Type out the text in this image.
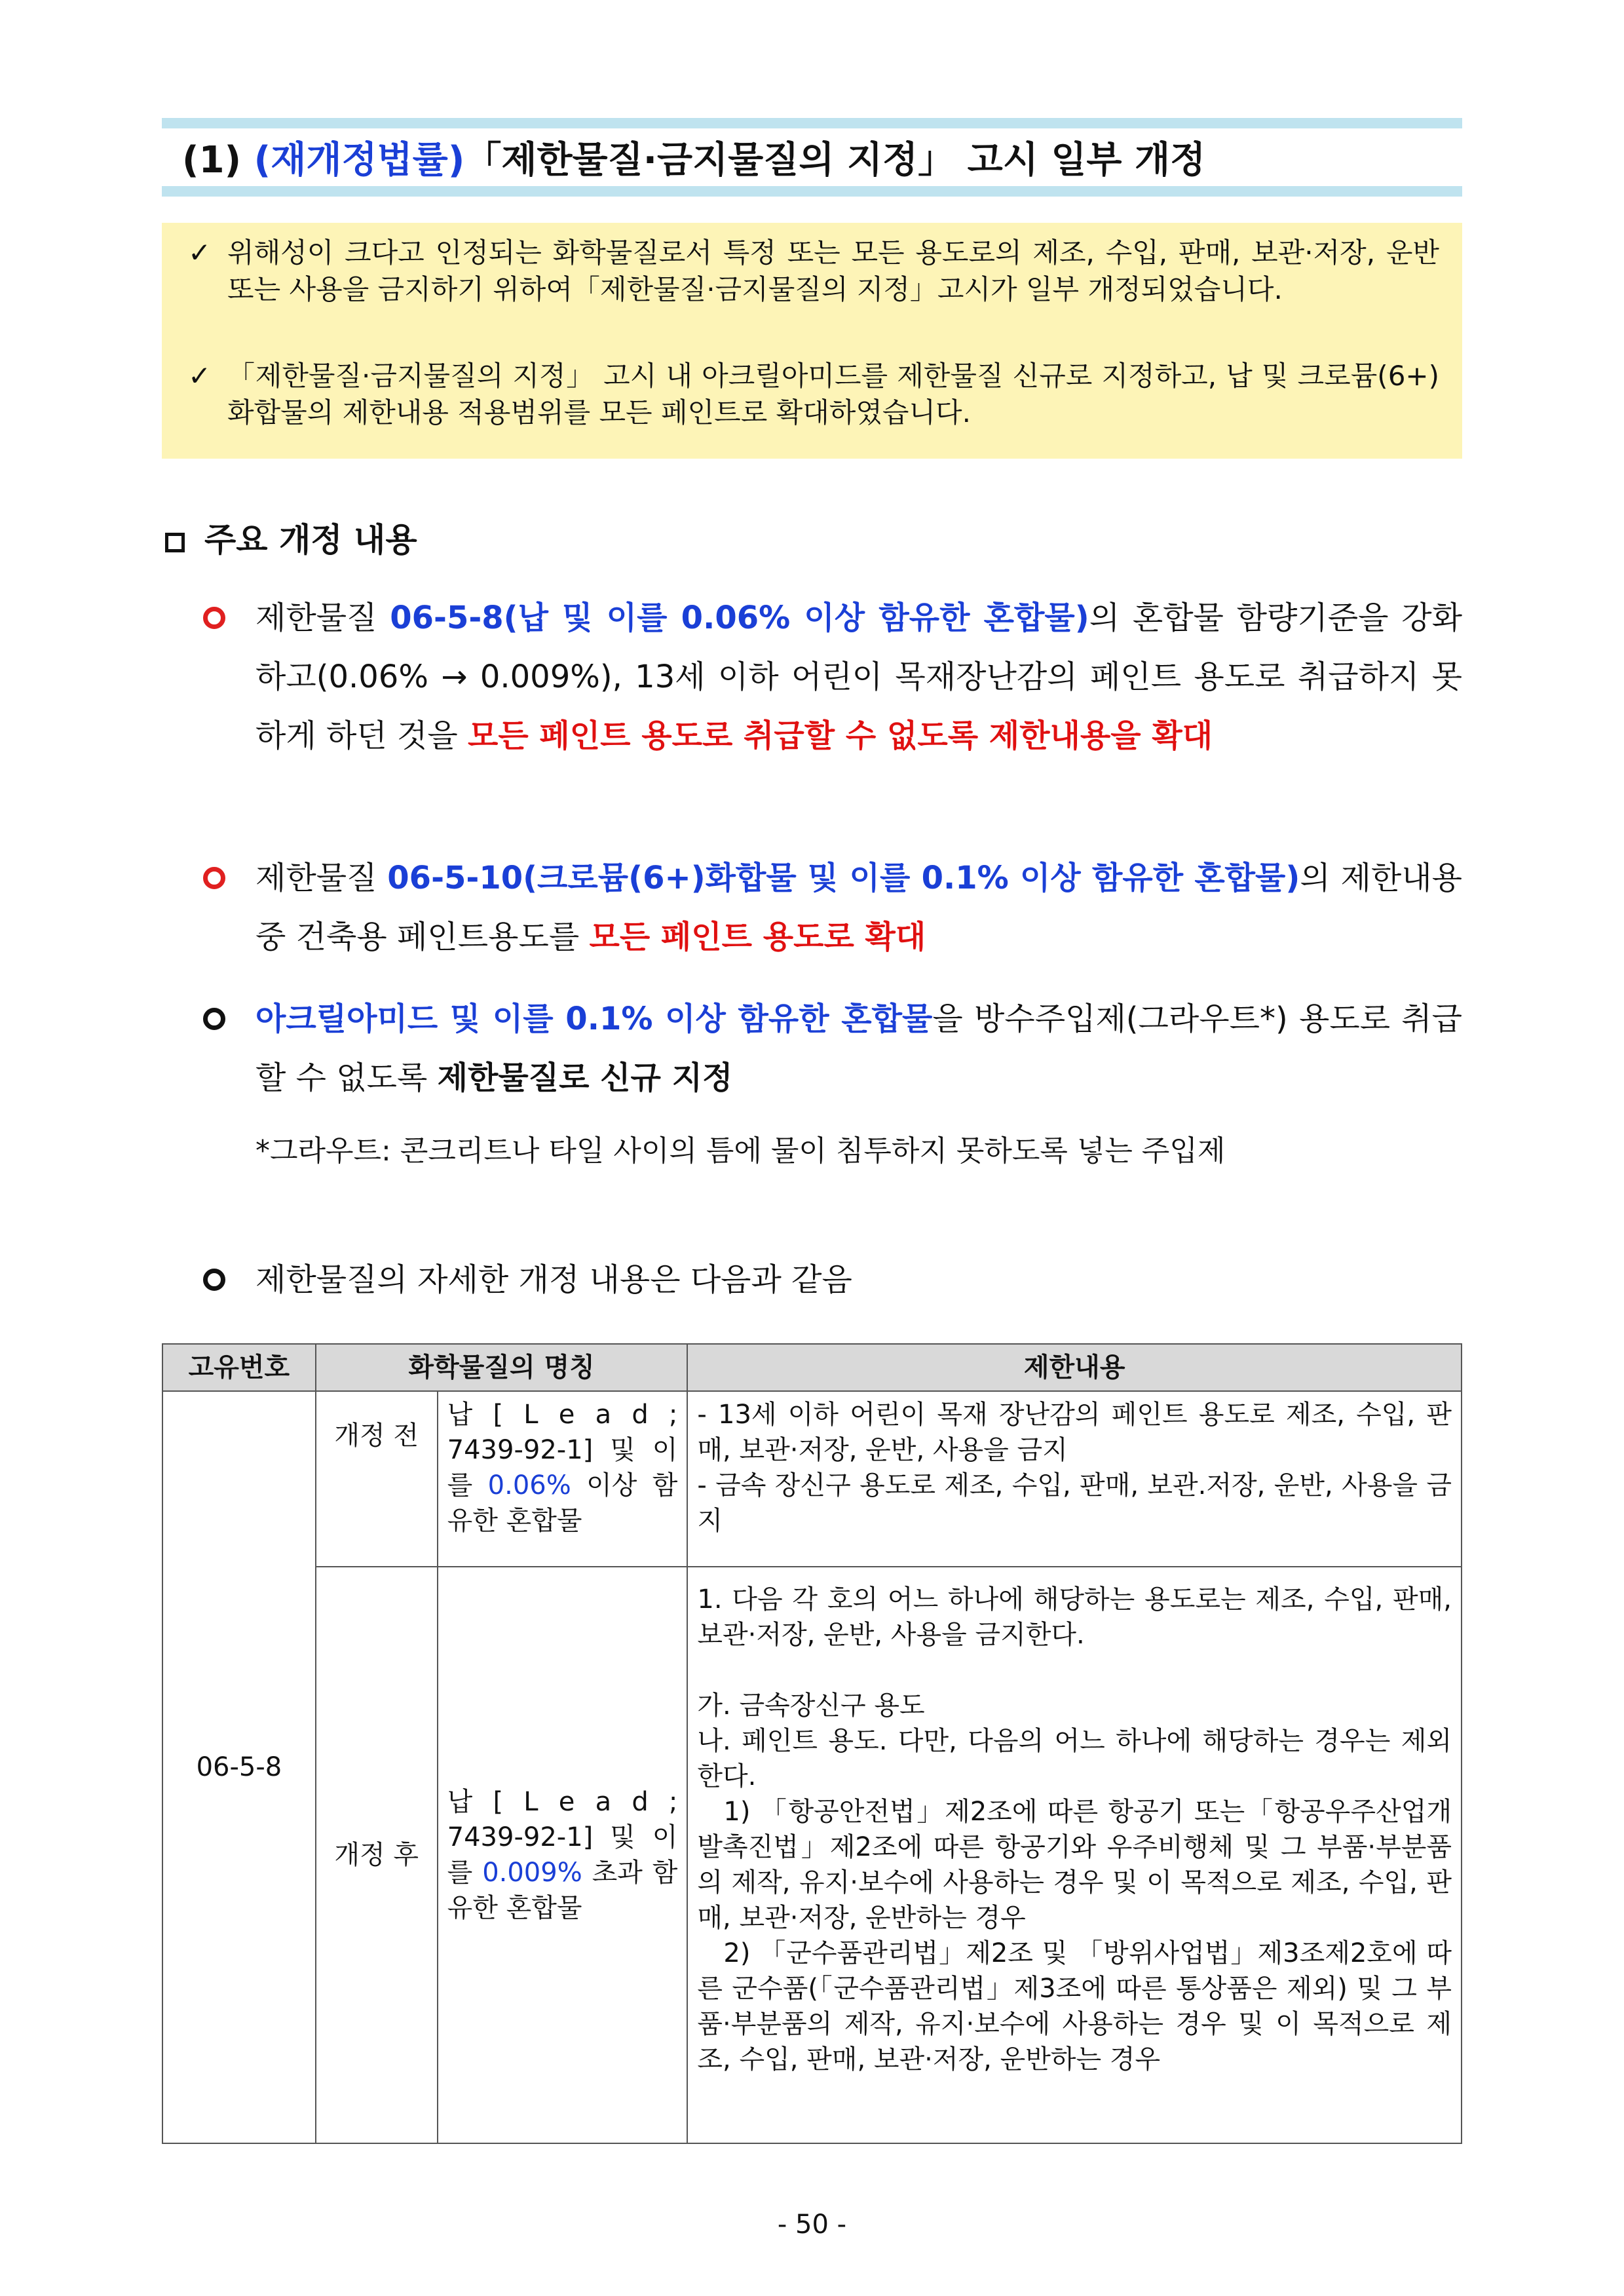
(1) (재개정법률)「제한물질·금지물질의 지정」 고시 일부 개정
✓ 위해성이 크다고 인정되는 화학물질로서 특정 또는 모든 용도로의 제조, 수입, 판매, 보관·저장, 운반 또는 사용을 금지하기 위하여「제한물질·금지물질의 지정」고시가 일부 개정되었습니다.
✓ 「제한물질·금지물질의 지정」 고시 내 아크릴아미드를 제한물질 신규로 지정하고, 납 및 크로뮴(6+)화합물의 제한내용 적용범위를 모든 페인트로 확대하였습니다.
주요 개정 내용
제한물질 06-5-8(납 및 이를 0.06% 이상 함유한 혼합물)의 혼합물 함량기준을 강화하고(0.06% → 0.009%), 13세 이하 어린이 목재장난감의 페인트 용도로 취급하지 못하게 하던 것을 모든 페인트 용도로 취급할 수 없도록 제한내용을 확대
제한물질 06-5-10(크로뮴(6+)화합물 및 이를 0.1% 이상 함유한 혼합물)의 제한내용 중 건축용 페인트용도를 모든 페인트 용도로 확대
아크릴아미드 및 이를 0.1% 이상 함유한 혼합물을 방수주입제(그라우트*) 용도로 취급할 수 없도록 제한물질로 신규 지정
*그라우트: 콘크리트나 타일 사이의 틈에 물이 침투하지 못하도록 넣는 주입제
제한물질의 자세한 개정 내용은 다음과 같음
고유번호	화학물질의 명칭		제한내용
06-5-8	개정 전	납 [ L e a d ; 7439-92-1] 및 이를 0.06% 이상 함유한 혼합물	- 13세 이하 어린이 목재 장난감의 페인트 용도로 제조, 수입, 판매, 보관·저장, 운반, 사용을 금지
- 금속 장신구 용도로 제조, 수입, 판매, 보관.저장, 운반, 사용을 금지

	개정 후	납 [ L e a d ; 7439-92-1] 및 이를 0.009% 초과 함유한 혼합물	1. 다음 각 호의 어느 하나에 해당하는 용도로는 제조, 수입, 판매, 보관·저장, 운반, 사용을 금지한다.
가. 금속장신구 용도
나. 페인트 용도. 다만, 다음의 어느 하나에 해당하는 경우는 제외한다.
1) 「항공안전법」제2조에 따른 항공기 또는「항공우주산업개발촉진법」제2조에 따른 항공기와 우주비행체 및 그 부품·부분품의 제작, 유지·보수에 사용하는 경우 및 이 목적으로 제조, 수입, 판매, 보관·저장, 운반하는 경우
2) 「군수품관리법」제2조 및 「방위사업법」제3조제2호에 따른 군수품(「군수품관리법」제3조에 따른 통상품은 제외) 및 그 부품·부분품의 제작, 유지·보수에 사용하는 경우 및 이 목적으로 제조, 수입, 판매, 보관·저장, 운반하는 경우
- 50 -
